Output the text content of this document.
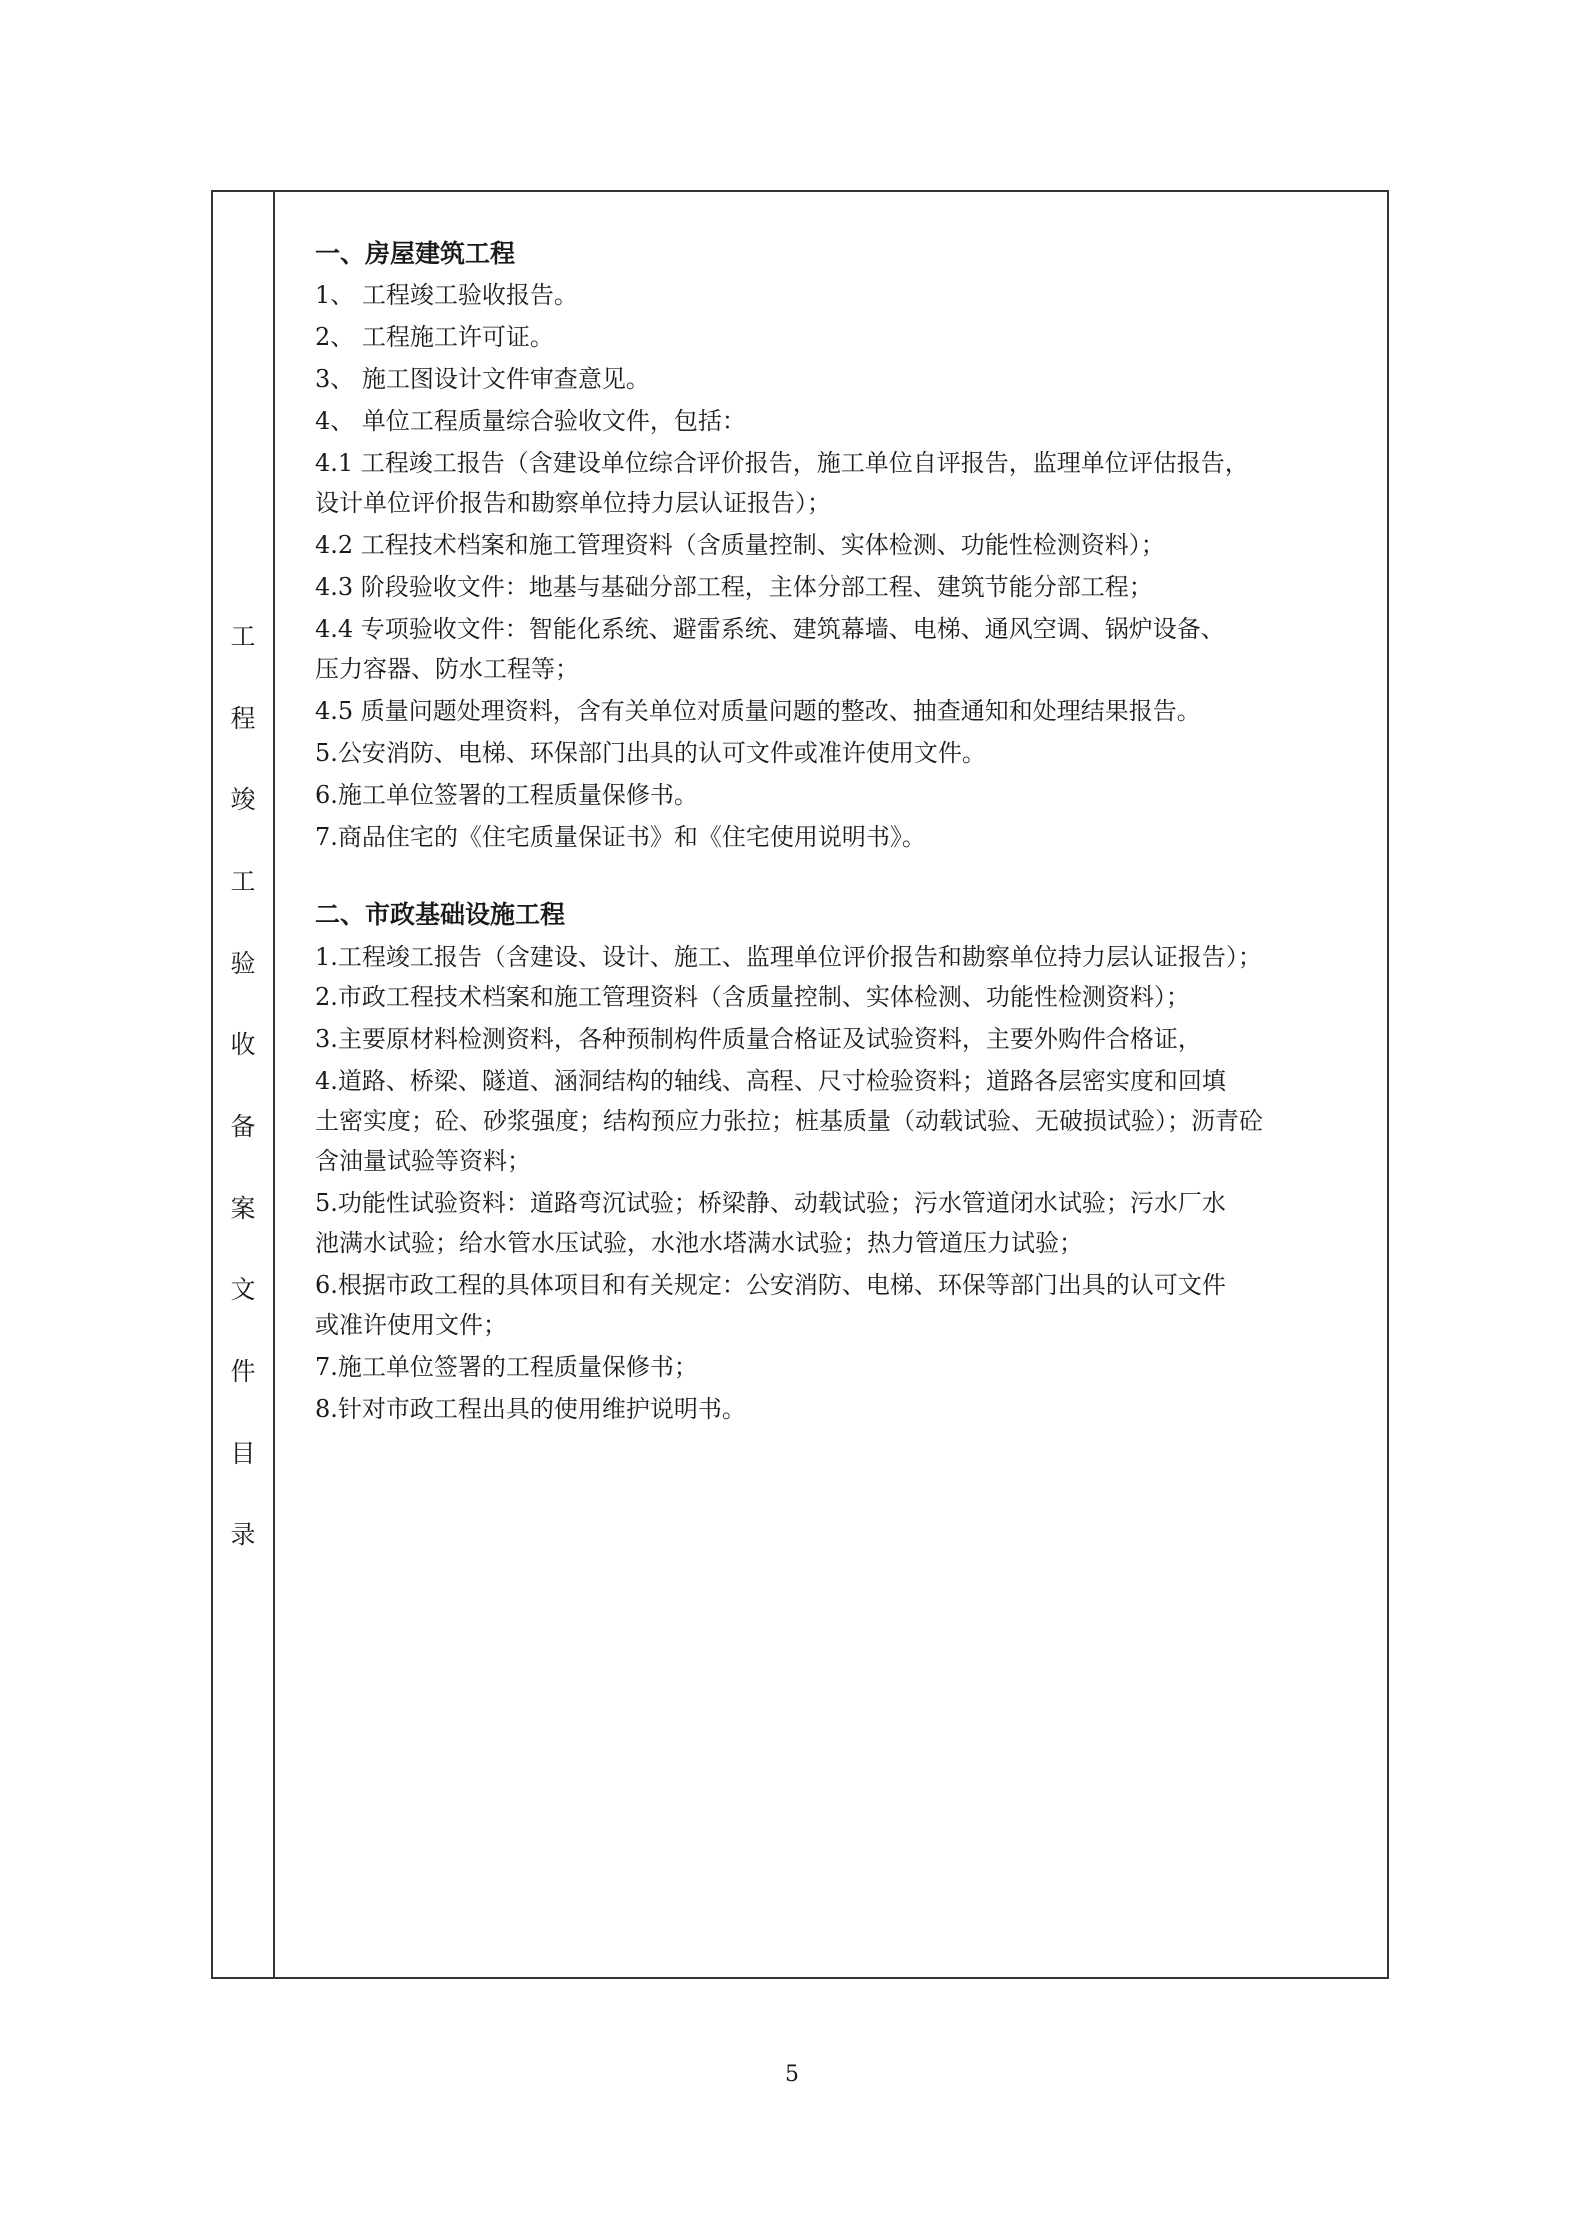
工
程
竣
工
验
收
备
案
文
件
目
录
一、房屋建筑工程
1、 工程竣工验收报告。
2、 工程施工许可证。
3、 施工图设计文件审查意见。
4、 单位工程质量综合验收文件，包括：
4.1 工程竣工报告（含建设单位综合评价报告，施工单位自评报告，监理单位评估报告，
设计单位评价报告和勘察单位持力层认证报告）；
4.2 工程技术档案和施工管理资料（含质量控制、实体检测、功能性检测资料）；
4.3 阶段验收文件：地基与基础分部工程，主体分部工程、建筑节能分部工程；
4.4 专项验收文件：智能化系统、避雷系统、建筑幕墙、电梯、通风空调、锅炉设备、
压力容器、防水工程等；
4.5 质量问题处理资料，含有关单位对质量问题的整改、抽查通知和处理结果报告。
5.公安消防、电梯、环保部门出具的认可文件或准许使用文件。
6.施工单位签署的工程质量保修书。
7.商品住宅的《住宅质量保证书》和《住宅使用说明书》。
二、市政基础设施工程
1.工程竣工报告（含建设、设计、施工、监理单位评价报告和勘察单位持力层认证报告）；
2.市政工程技术档案和施工管理资料（含质量控制、实体检测、功能性检测资料）；
3.主要原材料检测资料，各种预制构件质量合格证及试验资料，主要外购件合格证，
4.道路、桥梁、隧道、涵洞结构的轴线、高程、尺寸检验资料；道路各层密实度和回填
土密实度；砼、砂浆强度；结构预应力张拉；桩基质量（动载试验、无破损试验）；沥青砼
含油量试验等资料；
5.功能性试验资料：道路弯沉试验；桥梁静、动载试验；污水管道闭水试验；污水厂水
池满水试验；给水管水压试验，水池水塔满水试验；热力管道压力试验；
6.根据市政工程的具体项目和有关规定：公安消防、电梯、环保等部门出具的认可文件
或准许使用文件；
7.施工单位签署的工程质量保修书；
8.针对市政工程出具的使用维护说明书。
5
